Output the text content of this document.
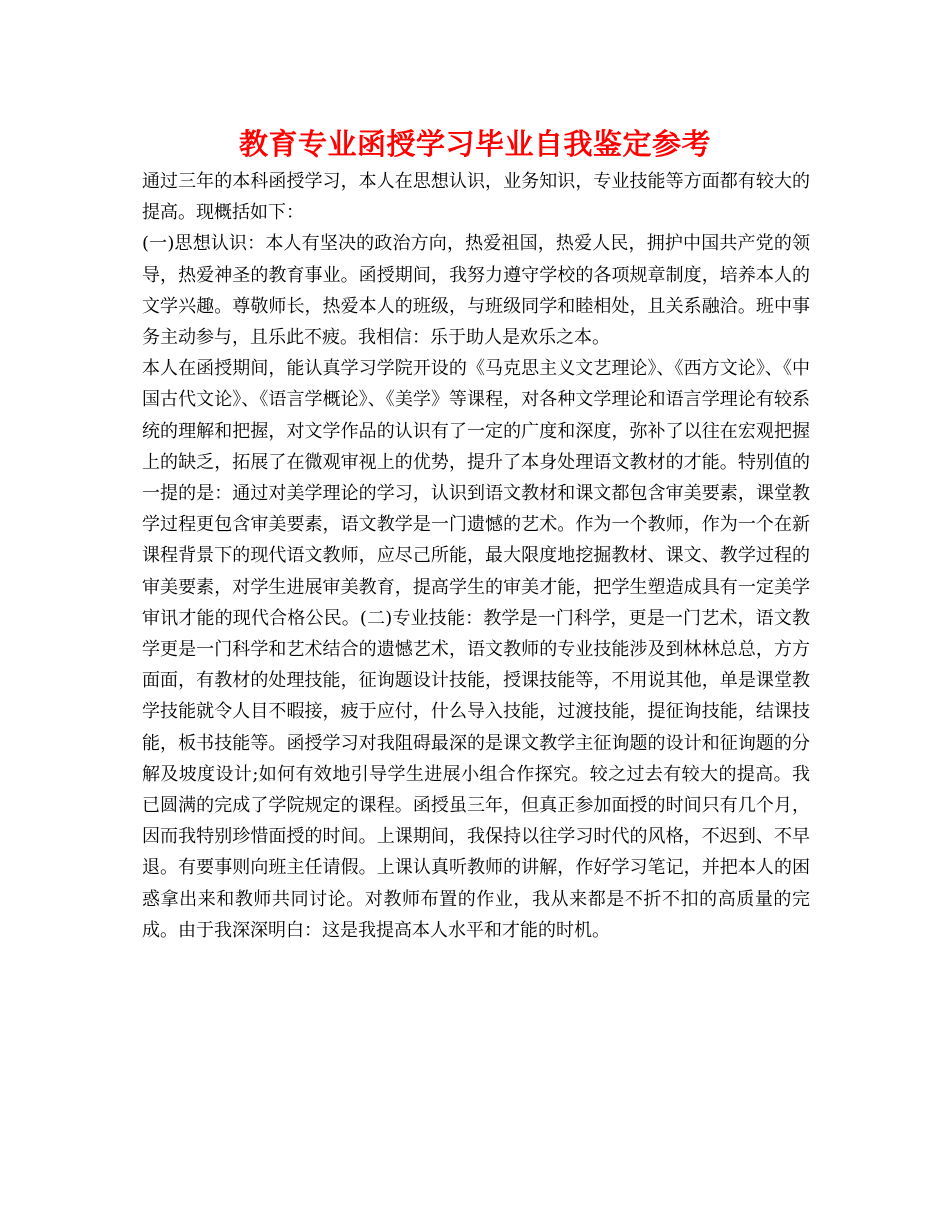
教育专业函授学习毕业自我鉴定参考

通过三年的本科函授学习，本人在思想认识，业务知识，专业技能等方面都有较大的提高。现概括如下：

(一)思想认识：本人有坚决的政治方向，热爱祖国，热爱人民，拥护中国共产党的领导，热爱神圣的教育事业。函授期间，我努力遵守学校的各项规章制度，培养本人的文学兴趣。尊敬师长，热爱本人的班级，与班级同学和睦相处，且关系融洽。班中事务主动参与，且乐此不疲。我相信：乐于助人是欢乐之本。

本人在函授期间，能认真学习学院开设的《马克思主义文艺理论》、《西方文论》、《中国古代文论》、《语言学概论》、《美学》等课程，对各种文学理论和语言学理论有较系统的理解和把握，对文学作品的认识有了一定的广度和深度，弥补了以往在宏观把握上的缺乏，拓展了在微观审视上的优势，提升了本身处理语文教材的才能。特别值的一提的是：通过对美学理论的学习，认识到语文教材和课文都包含审美要素，课堂教学过程更包含审美要素，语文教学是一门遗憾的艺术。作为一个教师，作为一个在新课程背景下的现代语文教师，应尽己所能，最大限度地挖掘教材、课文、教学过程的审美要素，对学生进展审美教育，提高学生的审美才能，把学生塑造成具有一定美学审讯才能的现代合格公民。(二)专业技能：教学是一门科学，更是一门艺术，语文教学更是一门科学和艺术结合的遗憾艺术，语文教师的专业技能涉及到林林总总，方方面面，有教材的处理技能，征询题设计技能，授课技能等，不用说其他，单是课堂教学技能就令人目不暇接，疲于应付，什么导入技能，过渡技能，提征询技能，结课技能，板书技能等。函授学习对我阻碍最深的是课文教学主征询题的设计和征询题的分解及坡度设计;如何有效地引导学生进展小组合作探究。较之过去有较大的提高。我已圆满的完成了学院规定的课程。函授虽三年，但真正参加面授的时间只有几个月，因而我特别珍惜面授的时间。上课期间，我保持以往学习时代的风格，不迟到、不早退。有要事则向班主任请假。上课认真听教师的讲解，作好学习笔记，并把本人的困惑拿出来和教师共同讨论。对教师布置的作业，我从来都是不折不扣的高质量的完成。由于我深深明白：这是我提高本人水平和才能的时机。
